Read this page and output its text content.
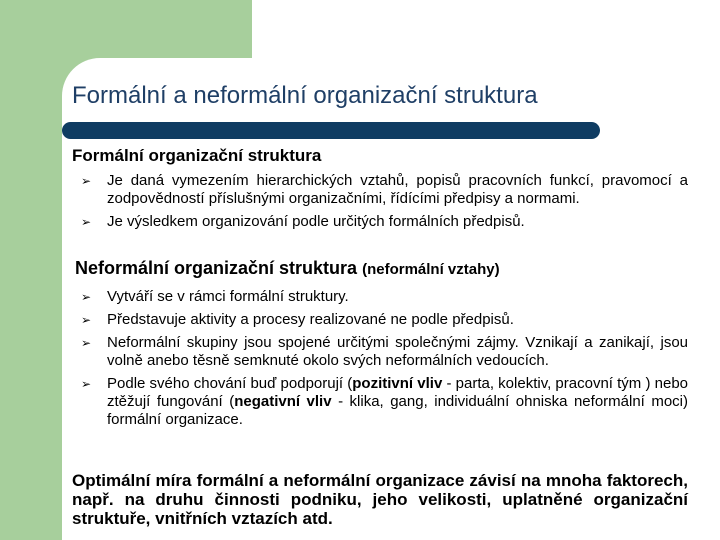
Formální a neformální organizační struktura
Formální organizační struktura
➢ Je daná vymezením hierarchických vztahů, popisů pracovních funkcí, pravomocí a zodpovědností příslušnými organizačními, řídícími předpisy a normami.
➢ Je výsledkem organizování podle určitých formálních předpisů.
Neformální organizační struktura (neformální vztahy)
➢ Vytváří se v rámci formální struktury.
➢ Představuje aktivity a procesy realizované ne podle předpisů.
➢ Neformální skupiny jsou spojené určitými společnými zájmy. Vznikají a zanikají, jsou volně anebo těsně semknuté okolo svých neformálních vedoucích.
➢ Podle svého chování buď podporují (pozitivní vliv - parta, kolektiv, pracovní tým ) nebo ztěžují fungování (negativní vliv - klika, gang, individuální ohniska neformální moci) formální organizace.

Optimální míra formální a neformální organizace závisí na mnoha faktorech, např. na druhu činnosti podniku, jeho velikosti, uplatněné organizační struktuře, vnitřních vztazích atd.
